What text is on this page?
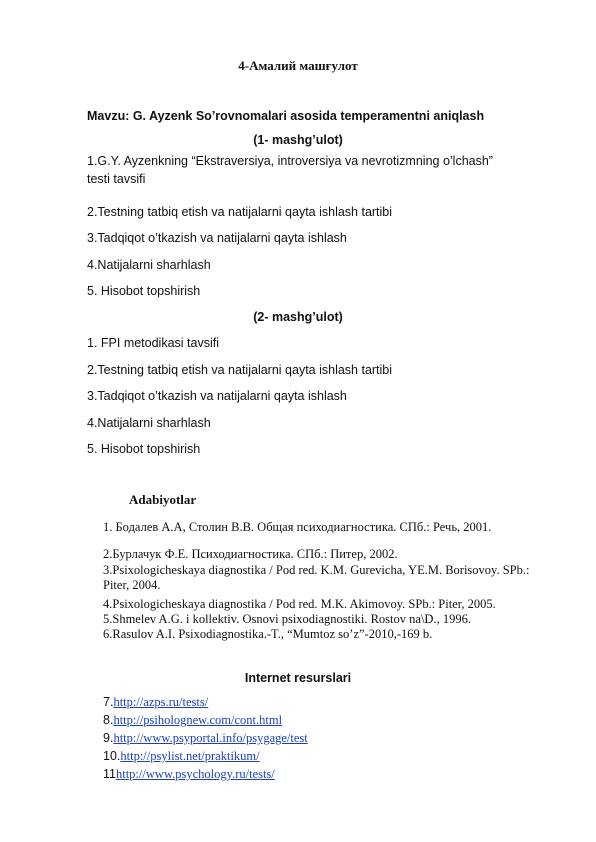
4-Амалий машғулот
Mavzu: G. Ayzenk So’rovnomalari asosida temperamentni aniqlash
(1- mashg’ulot)
1.G.Y. Ayzenkning “Ekstraversiya, introversiya va nevrotizmning o’lchash” testi tavsifi
2.Testning tatbiq etish va natijalarni qayta ishlash tartibi
3.Tadqiqot o’tkazish va natijalarni qayta ishlash
4.Natijalarni sharhlash
5. Hisobot topshirish
(2- mashg’ulot)
1. FPI metodikasi tavsifi
2.Testning tatbiq etish va natijalarni qayta ishlash tartibi
3.Tadqiqot o’tkazish va natijalarni qayta ishlash
4.Natijalarni sharhlash
5. Hisobot topshirish
Adabiyotlar
1. Бодалев А.А, Столин В.В. Общая психодиагностика. СПб.: Речь, 2001.
2.Бурлачук Ф.Е. Психодиагностика. СПб.: Питер, 2002.
3.Psixologicheskaya diagnostika / Pod red. K.M. Gurevicha, YE.M. Borisovoy. SPb.: Piter, 2004.
4.Psixologicheskaya diagnostika / Pod red. M.K. Akimovoy. SPb.: Piter, 2005.
5.Shmelev A.G. i kollektiv. Osnovi psixodiagnostiki. Rostov na\D., 1996.
6.Rasulov A.I. Psixodiagnostika.-T., “Mumtoz so’z”-2010,-169 b.
Internet resurslari
7.http://azps.ru/tests/
8.http://psiholognew.com/cont.html
9.http://www.psyportal.info/psygage/test
10.http://psylist.net/praktikum/
11http://www.psychology.ru/tests/
